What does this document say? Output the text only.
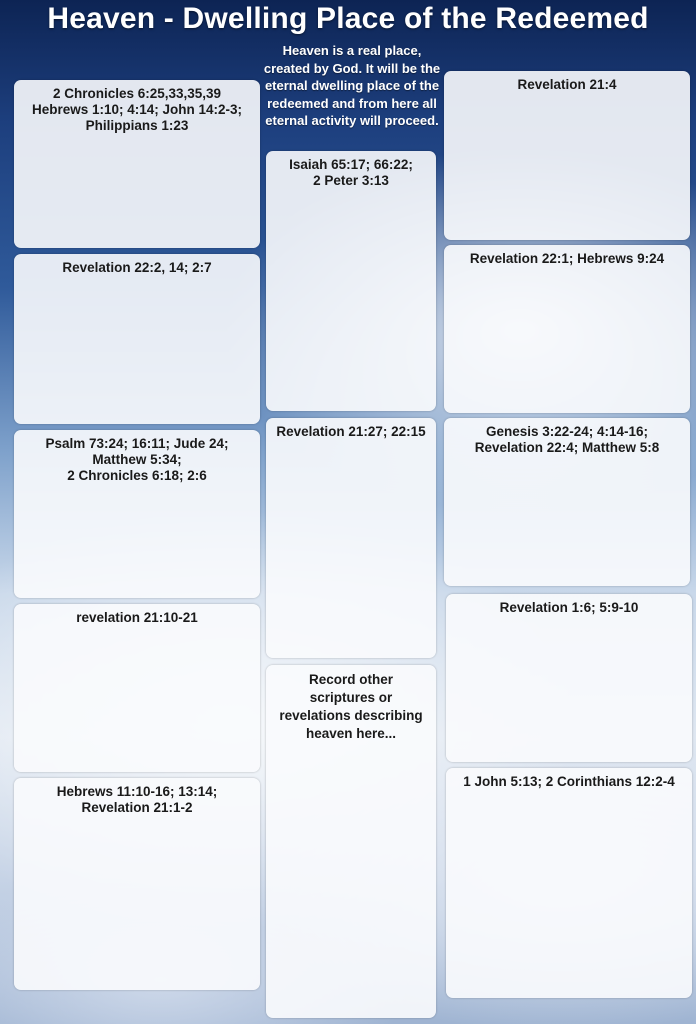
Heaven - Dwelling Place of the Redeemed
Heaven is a real place, created by God. It will be the eternal dwelling place of the redeemed and from here all eternal activity will proceed.
2 Chronicles 6:25,33,35,39
Hebrews 1:10; 4:14; John 14:2-3;
Philippians 1:23
Revelation 22:2, 14; 2:7
Psalm 73:24; 16:11; Jude 24;
Matthew 5:34;
2 Chronicles 6:18; 2:6
revelation 21:10-21
Hebrews 11:10-16; 13:14;
Revelation 21:1-2
Isaiah 65:17; 66:22;
2 Peter 3:13
Revelation 21:27; 22:15
Record other
scriptures or
revelations describing
heaven here...
Revelation 21:4
Revelation 22:1; Hebrews 9:24
Genesis 3:22-24; 4:14-16;
Revelation 22:4; Matthew 5:8
Revelation 1:6; 5:9-10
1 John 5:13; 2 Corinthians 12:2-4
